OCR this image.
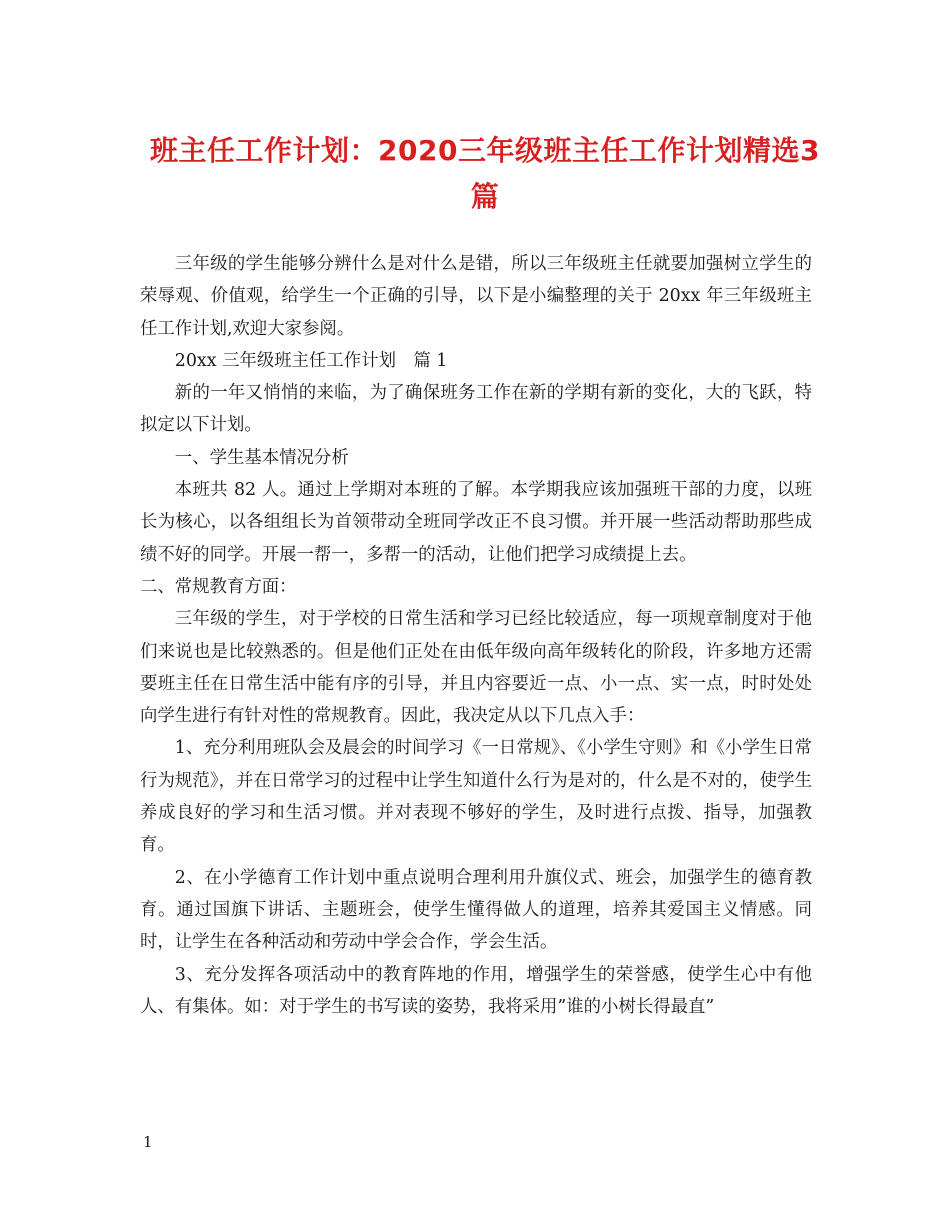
班主任工作计划：2020三年级班主任工作计划精选3篇

三年级的学生能够分辨什么是对什么是错，所以三年级班主任就要加强树立学生的荣辱观、价值观，给学生一个正确的引导，以下是小编整理的关于 20xx 年三年级班主任工作计划,欢迎大家参阅。

20xx 三年级班主任工作计划　篇 1

新的一年又悄悄的来临，为了确保班务工作在新的学期有新的变化，大的飞跃，特拟定以下计划。

一、学生基本情况分析

本班共 82 人。通过上学期对本班的了解。本学期我应该加强班干部的力度，以班长为核心，以各组组长为首领带动全班同学改正不良习惯。并开展一些活动帮助那些成绩不好的同学。开展一帮一，多帮一的活动，让他们把学习成绩提上去。

二、常规教育方面：

三年级的学生，对于学校的日常生活和学习已经比较适应，每一项规章制度对于他们来说也是比较熟悉的。但是他们正处在由低年级向高年级转化的阶段，许多地方还需要班主任在日常生活中能有序的引导，并且内容要近一点、小一点、实一点，时时处处向学生进行有针对性的常规教育。因此，我决定从以下几点入手：

1、充分利用班队会及晨会的时间学习《一日常规》、《小学生守则》和《小学生日常行为规范》，并在日常学习的过程中让学生知道什么行为是对的，什么是不对的，使学生养成良好的学习和生活习惯。并对表现不够好的学生，及时进行点拨、指导，加强教育。

2、在小学德育工作计划中重点说明合理利用升旗仪式、班会，加强学生的德育教育。通过国旗下讲话、主题班会，使学生懂得做人的道理，培养其爱国主义情感。同时，让学生在各种活动和劳动中学会合作，学会生活。

3、充分发挥各项活动中的教育阵地的作用，增强学生的荣誉感，使学生心中有他人、有集体。如：对于学生的书写读的姿势，我将采用”谁的小树长得最直”

1
